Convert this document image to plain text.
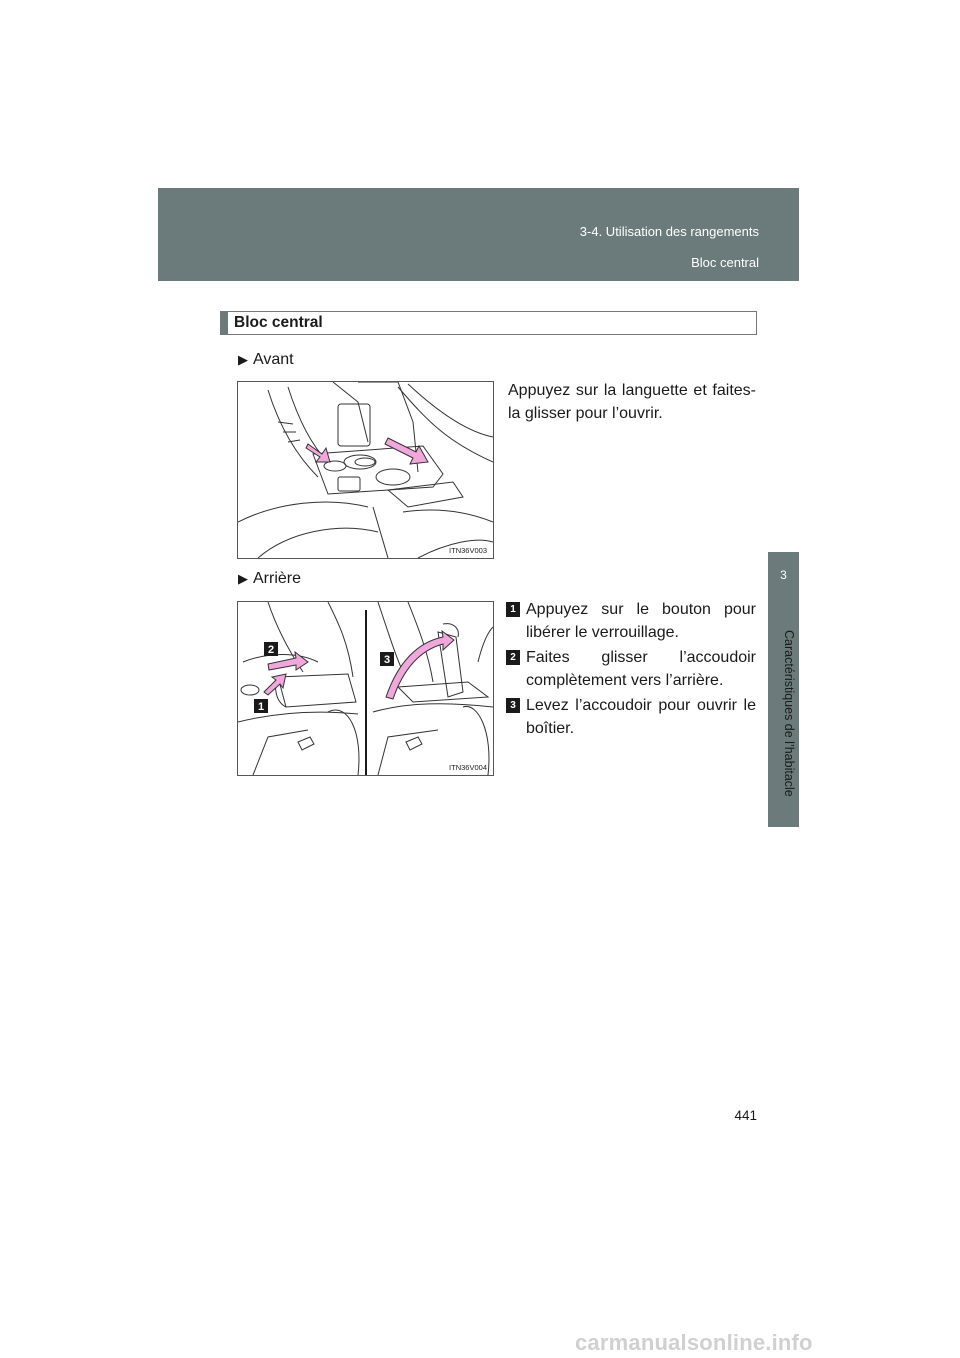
3-4. Utilisation des rangements
Bloc central
3
Caractéristiques de l’habitacle
Bloc central
▶ Avant
ITN36V003
Appuyez sur la languette et faites-la glisser pour l’ouvrir.
▶ Arrière
2
3
1
ITN36V004
1 Appuyez sur le bouton pour libérer le verrouillage.
2 Faites glisser l’accoudoir complètement vers l’arrière.
3 Levez l’accoudoir pour ouvrir le boîtier.
441
carmanualsonline.info
